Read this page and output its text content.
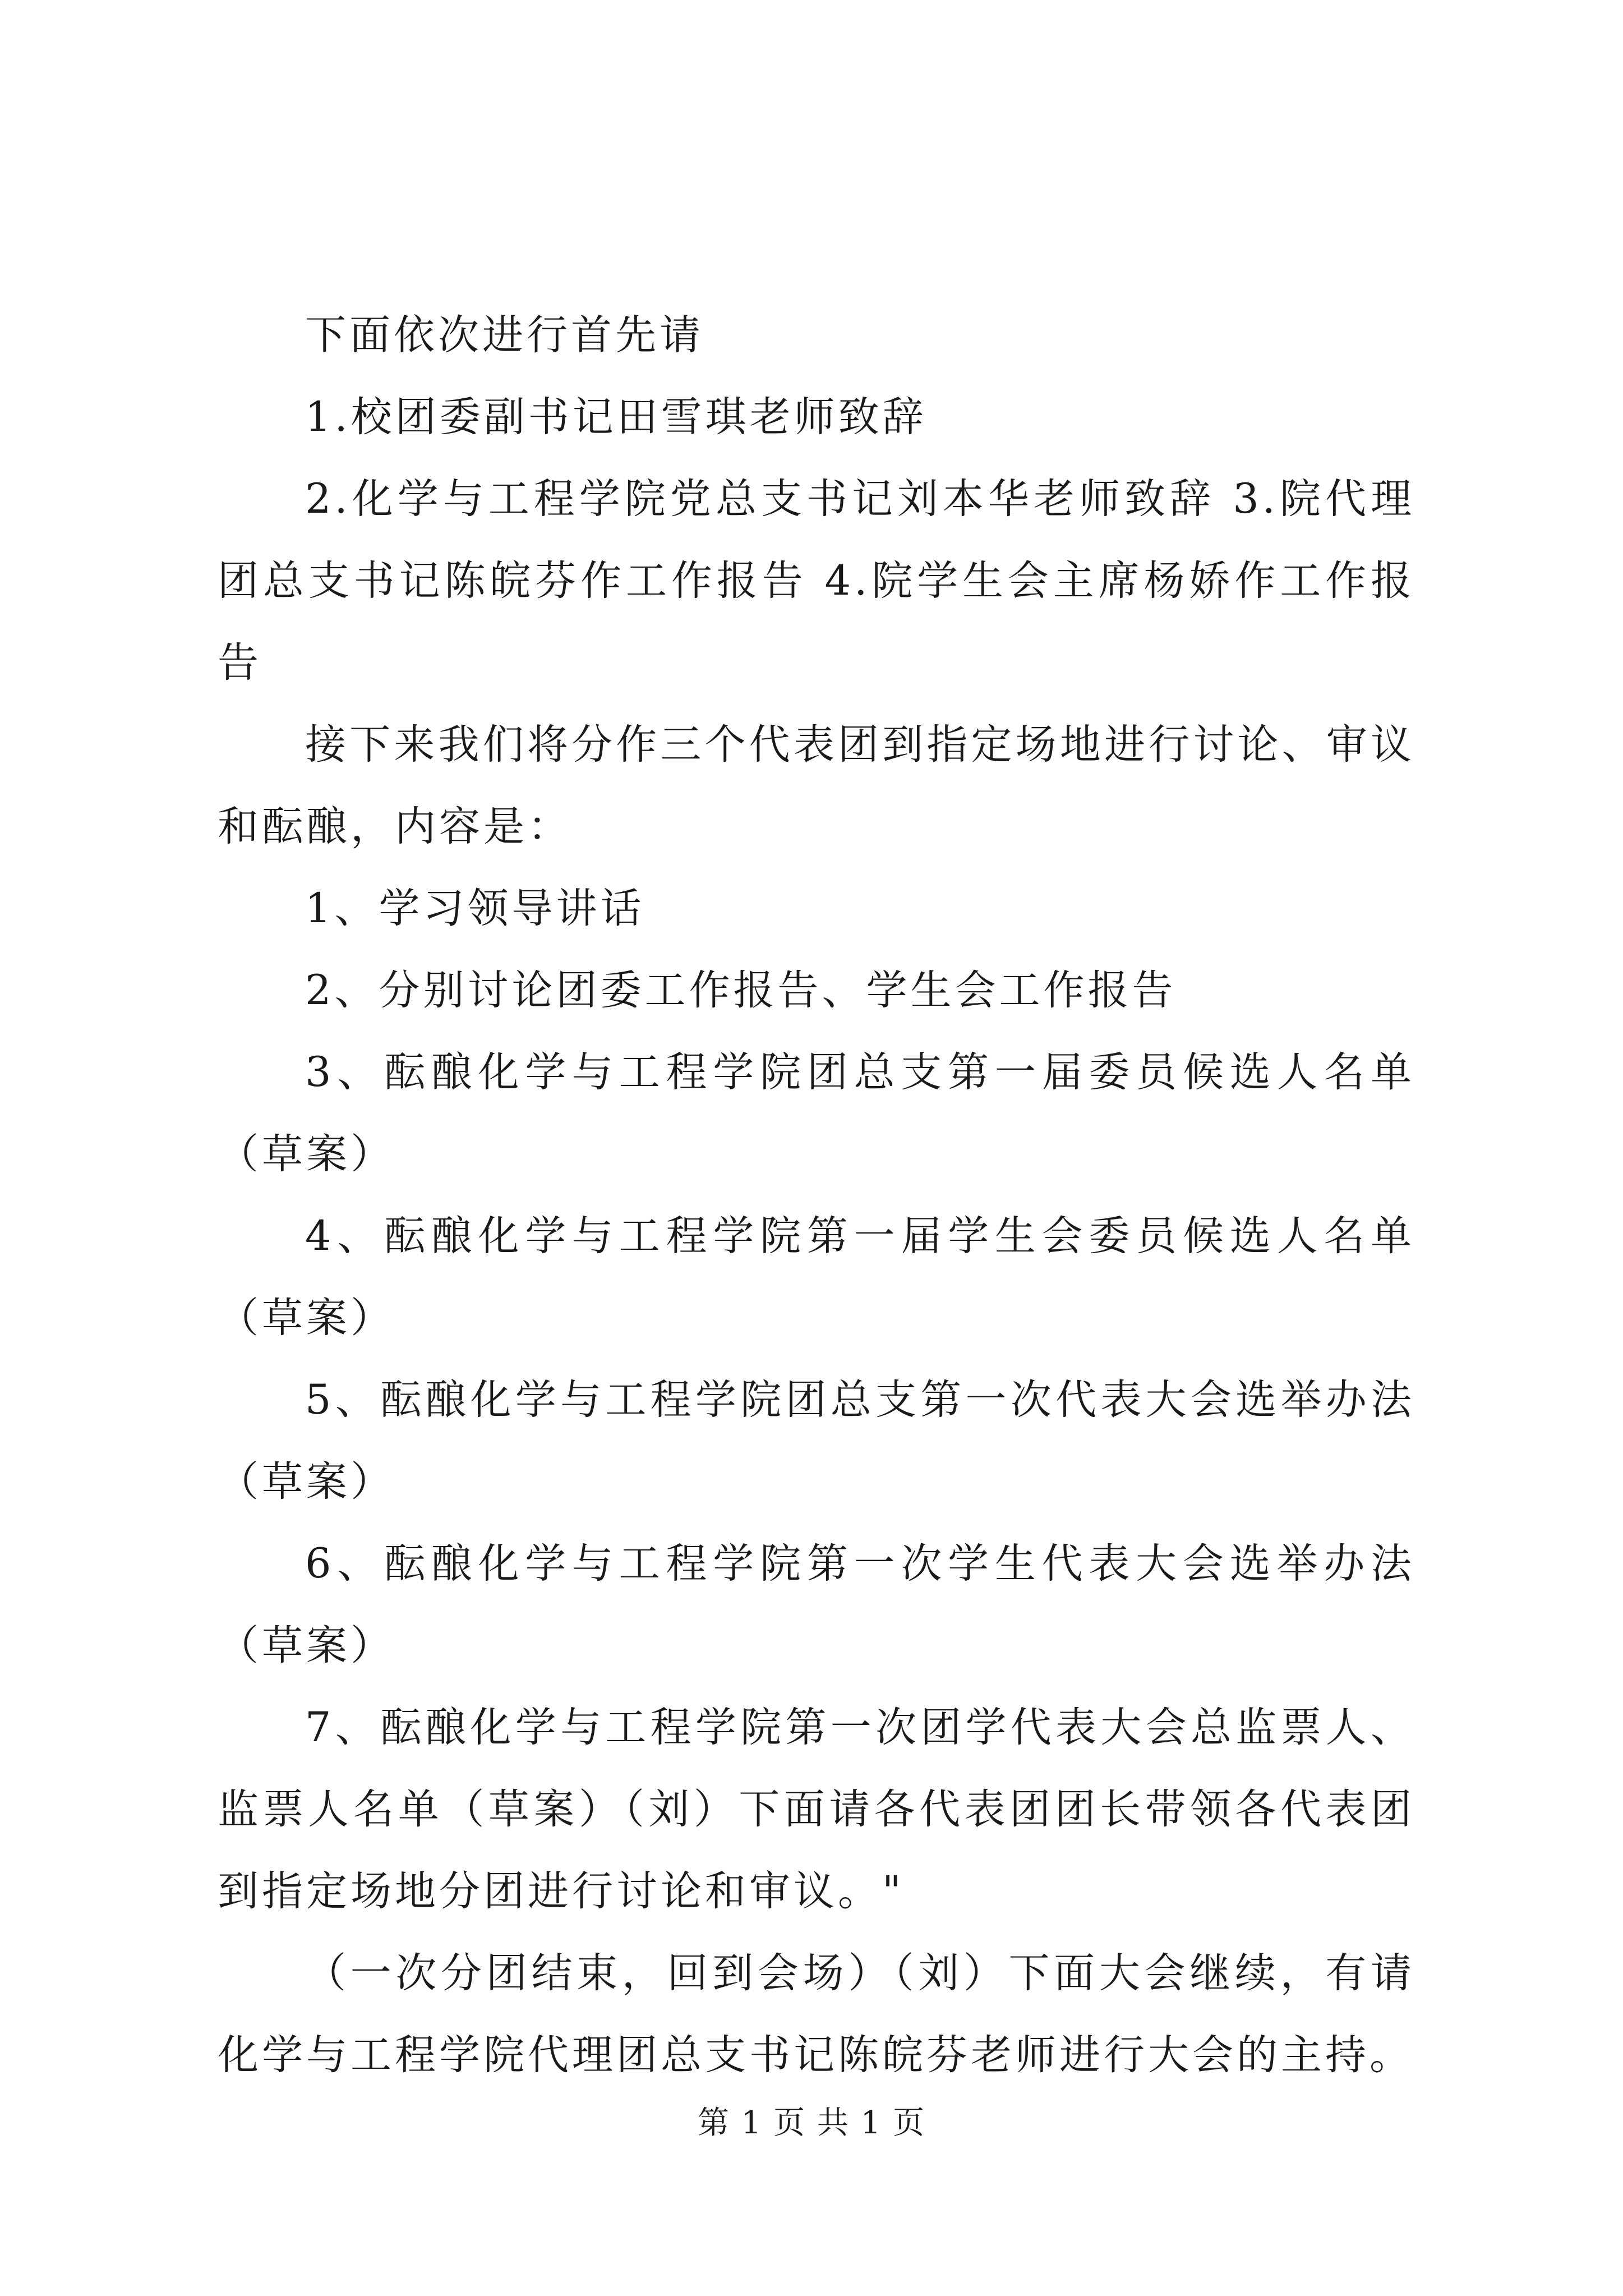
下面依次进行首先请

1.校团委副书记田雪琪老师致辞

2.化学与工程学院党总支书记刘本华老师致辞 3.院代理团总支书记陈皖芬作工作报告 4.院学生会主席杨娇作工作报告

接下来我们将分作三个代表团到指定场地进行讨论、审议和酝酿，内容是：

1、学习领导讲话

2、分别讨论团委工作报告、学生会工作报告

3、酝酿化学与工程学院团总支第一届委员候选人名单（草案）

4、酝酿化学与工程学院第一届学生会委员候选人名单（草案）

5、酝酿化学与工程学院团总支第一次代表大会选举办法（草案）

6、酝酿化学与工程学院第一次学生代表大会选举办法（草案）

7、酝酿化学与工程学院第一次团学代表大会总监票人、监票人名单（草案）（刘）下面请各代表团团长带领各代表团到指定场地分团进行讨论和审议。"

（一次分团结束，回到会场）（刘）下面大会继续，有请化学与工程学院代理团总支书记陈皖芬老师进行大会的主持。

第 1 页 共 1 页
